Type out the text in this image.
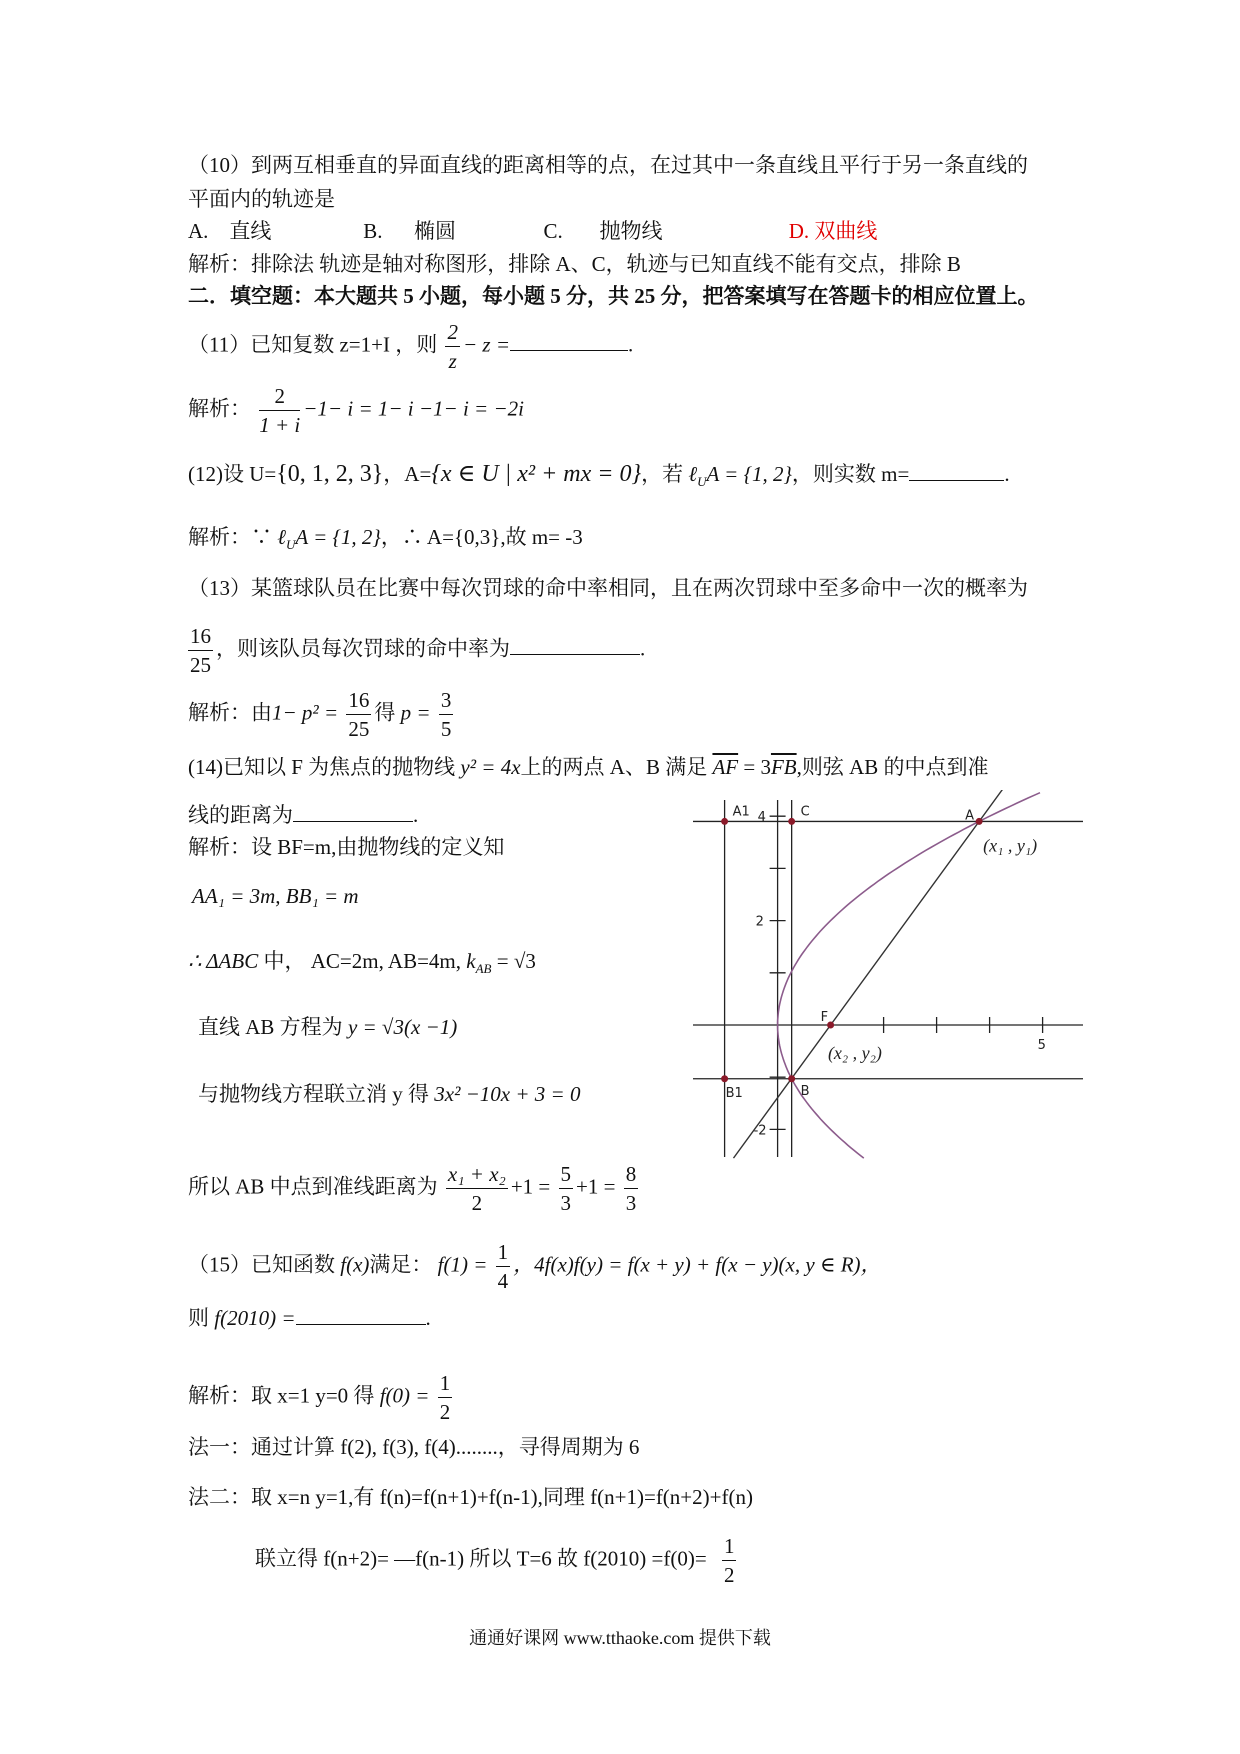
（10）到两互相垂直的异面直线的距离相等的点，在过其中一条直线且平行于另一条直线的
平面内的轨迹是
A. 直线	B. 椭圆	C. 抛物线	D. 双曲线
解析：排除法 轨迹是轴对称图形，排除 A、C，轨迹与已知直线不能有交点，排除 B
二．填空题：本大题共 5 小题，每小题 5 分，共 25 分，把答案填写在答题卡的相应位置上。
（11）已知复数 z=1+I ，则 $\frac{2}{z} - z$ =	.
解析： $\frac{2}{1 + i} -1- i = 1- i -1- i = -2i$
(12)设 U={0, 1, 2, 3}，A={x ∈ U | x² + mx = 0}，若 ℓ$_U$A = {1, 2}，则实数 m=	.
解析：∵ ℓ$_U$A = {1, 2}，∴ A={0,3},故 m= -3
（13）某篮球队员在比赛中每次罚球的命中率相同，且在两次罚球中至多命中一次的概率为
$\frac{16}{25}$ ，则该队员每次罚球的命中率为	.
解析：由$1- p^2 = \frac{16}{25}$ 得 $p = \frac{3}{5}$
(14)已知以 F 为焦点的抛物线 y² = 4x上的两点 A、B 满足 $\overline{AF} = 3\overline{FB}$,则弦 AB 的中点到准
线的距离为	.
解析：设 BF=m,由抛物线的定义知
AA₁ = 3m, BB₁ = m
∴ ΔABC 中， AC=2m, AB=4m, $k_{AB} = √3$
直线 AB 方程为 y = √3(x −1)
与抛物线方程联立消 y 得 3x² −10x + 3 = 0
所以 AB 中点到准线距离为 $\frac{\text{x₁ + x₂}}{2} +1 = \frac{5}{3} +1 = \frac{8}{3}$
A1	C	A
F
B
B1
4
2
-2
5
(x₁ , y₁)
(x₂ , y₂)
（15）已知函数 f(x)满足： $f(1) = \frac{1}{4}$ ，4f(x)f(y) = f(x + y) + f(x − y)(x, y ∈ R)，
则 f(2010) =	.
解析：取 x=1 y=0 得 $f(0) = \frac{1}{2}$
法一：通过计算 f(2), f(3), f(4)........，寻得周期为 6
法二：取 x=n y=1,有 f(n)=f(n+1)+f(n-1),同理 f(n+1)=f(n+2)+f(n)
联立得 f(n+2)= —f(n-1) 所以 T=6 故 $f(2010) =f(0)= \frac{1}{2}$
通通好课网 www.tthaoke.com 提供下载
